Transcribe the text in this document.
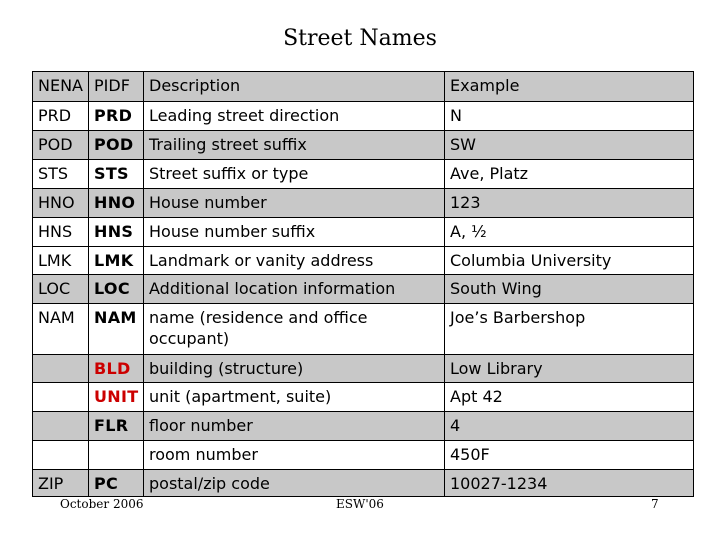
Street Names
NENA	PIDF	Description	Example
PRD	PRD	Leading street direction	N
POD	POD	Trailing street suffix	SW
STS	STS	Street suffix or type	Ave, Platz
HNO	HNO	House number	123
HNS	HNS	House number suffix	A, ½
LMK	LMK	Landmark or vanity address	Columbia University
LOC	LOC	Additional location information	South Wing
NAM	NAM	name (residence and office occupant)	Joe’s Barbershop
	BLD	building (structure)	Low Library
	UNIT	unit (apartment, suite)	Apt 42
	FLR	floor number	4
		room number	450F
ZIP	PC	postal/zip code	10027-1234
October 2006	ESW'06	7
